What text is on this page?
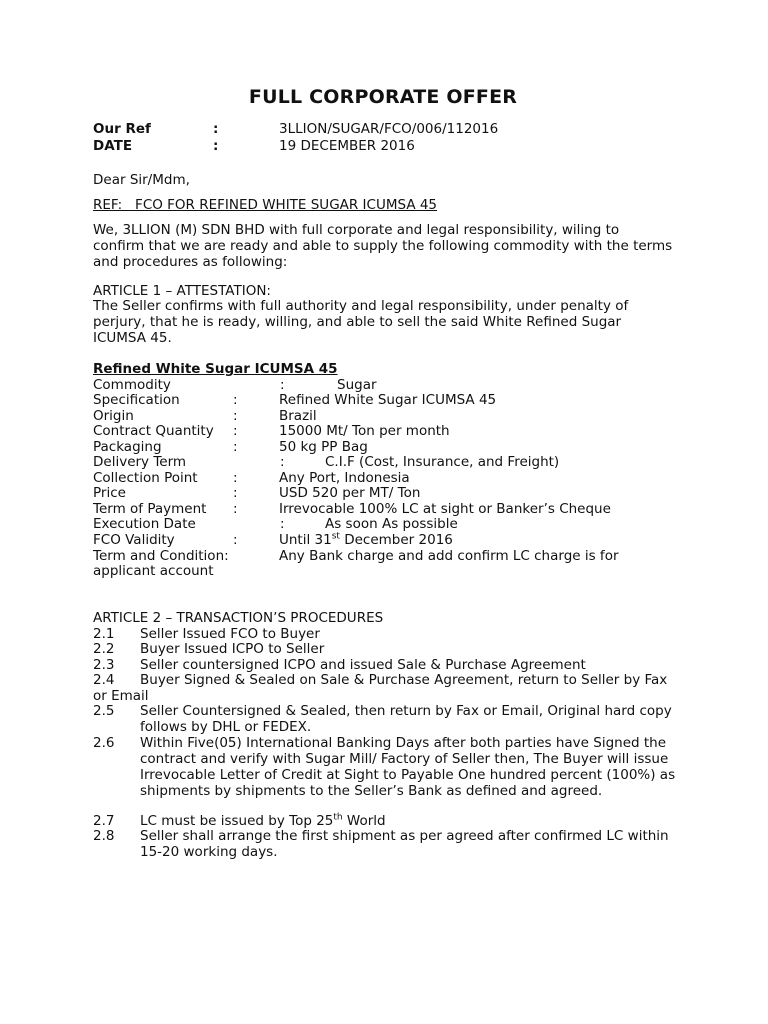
FULL CORPORATE OFFER
Our Ref	:	3LLION/SUGAR/FCO/006/112016
DATE	:	19 DECEMBER 2016
Dear Sir/Mdm,
REF:   FCO FOR REFINED WHITE SUGAR ICUMSA 45
We, 3LLION (M) SDN BHD with full corporate and legal responsibility, wiling to confirm that we are ready and able to supply the following commodity with the terms and procedures as following:
ARTICLE 1 – ATTESTATION:
The Seller confirms with full authority and legal responsibility, under penalty of perjury, that he is ready, willing, and able to sell the said White Refined Sugar ICUMSA 45.
Refined White Sugar ICUMSA 45
Commodity	:	Sugar
Specification	:	Refined White Sugar ICUMSA 45
Origin	:	Brazil
Contract Quantity :	15000 Mt/ Ton per month
Packaging	:	50 kg PP Bag
Delivery Term	:	C.I.F (Cost, Insurance, and Freight)
Collection Point	:	Any Port, Indonesia
Price	:	USD 520 per MT/ Ton
Term of Payment :	Irrevocable 100% LC at sight or Banker’s Cheque
Execution Date	:	As soon As possible
FCO Validity	:	Until 31st December 2016
Term and Condition:	Any Bank charge and add confirm LC charge is for
applicant account
ARTICLE 2 – TRANSACTION’S PROCEDURES
2.1 Seller Issued FCO to Buyer
2.2 Buyer Issued ICPO to Seller
2.3 Seller countersigned ICPO and issued Sale & Purchase Agreement
2.4	Buyer Signed & Sealed on Sale & Purchase Agreement, return to Seller by Fax or Email
2.5 Seller Countersigned & Sealed, then return by Fax or Email, Original hard copy follows by DHL or FEDEX.
2.6 Within Five(05) International Banking Days after both parties have Signed the contract and verify with Sugar Mill/ Factory of Seller then, The Buyer will issue Irrevocable Letter of Credit at Sight to Payable One hundred percent (100%) as shipments by shipments to the Seller’s Bank as defined and agreed.
2.7 LC must be issued by Top 25th World
2.8 Seller shall arrange the first shipment as per agreed after confirmed LC within 15-20 working days.
